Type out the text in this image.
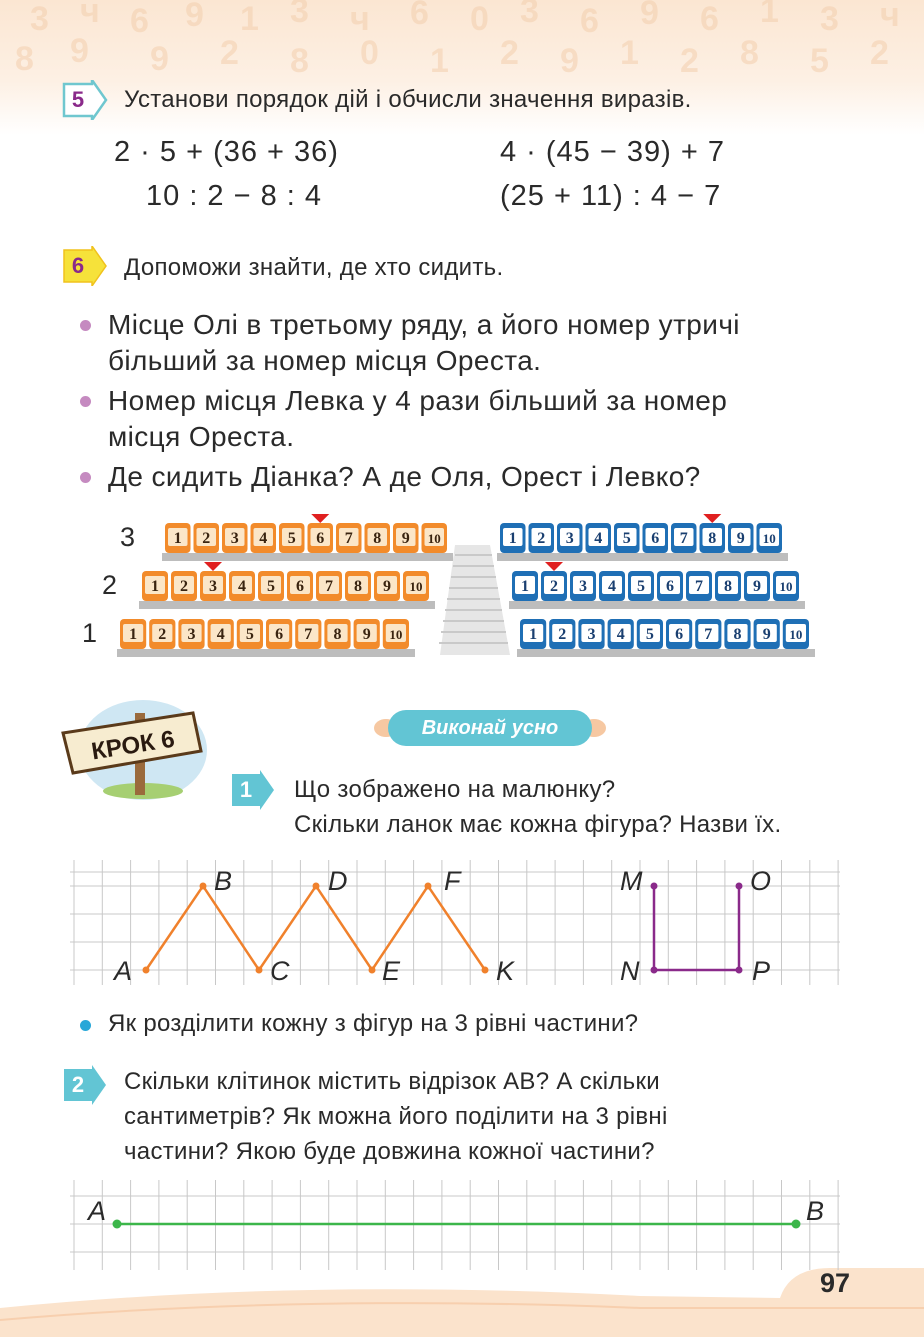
3 ч 6 9 1 3 ч 6 0 3 6 9 6 1 3 ч
8 9 9 2 8 0 1 2 9 1 2 8 5 2
5	Установи порядок дій і обчисли значення виразів.
2 · 5 + (36 + 36)
10 : 2 − 8 : 4
4 · (45 − 39) + 7
(25 + 11) : 4 − 7
6	Допоможи знайти, де хто сидить.
Місце Олі в третьому ряду, а його номер утричі
більший за номер місця Ореста.
Номер місця Левка у 4 рази більший за номер
місця Ореста.
Де сидить Діанка? А де Оля, Орест і Левко?
3
2
1
1 2 3 4 5 6 7 8 9 10	1 2 3 4 5 6 7 8 9 10
1 2 3 4 5 6 7 8 9 10	1 2 3 4 5 6 7 8 9 10
1 2 3 4 5 6 7 8 9 10	1 2 3 4 5 6 7 8 9 10
КРОК 6	Виконай усно
1	Що зображено на малюнку?
Скільки ланок має кожна фігура? Назви їх.
A
B
C
D
E
F
K
M	O
N	P
Як розділити кожну з фігур на 3 рівні частини?
2	Скільки клітинок містить відрізок AB? А скільки
сантиметрів? Як можна його поділити на 3 рівні
частини? Якою буде довжина кожної частини?
A	B
97
